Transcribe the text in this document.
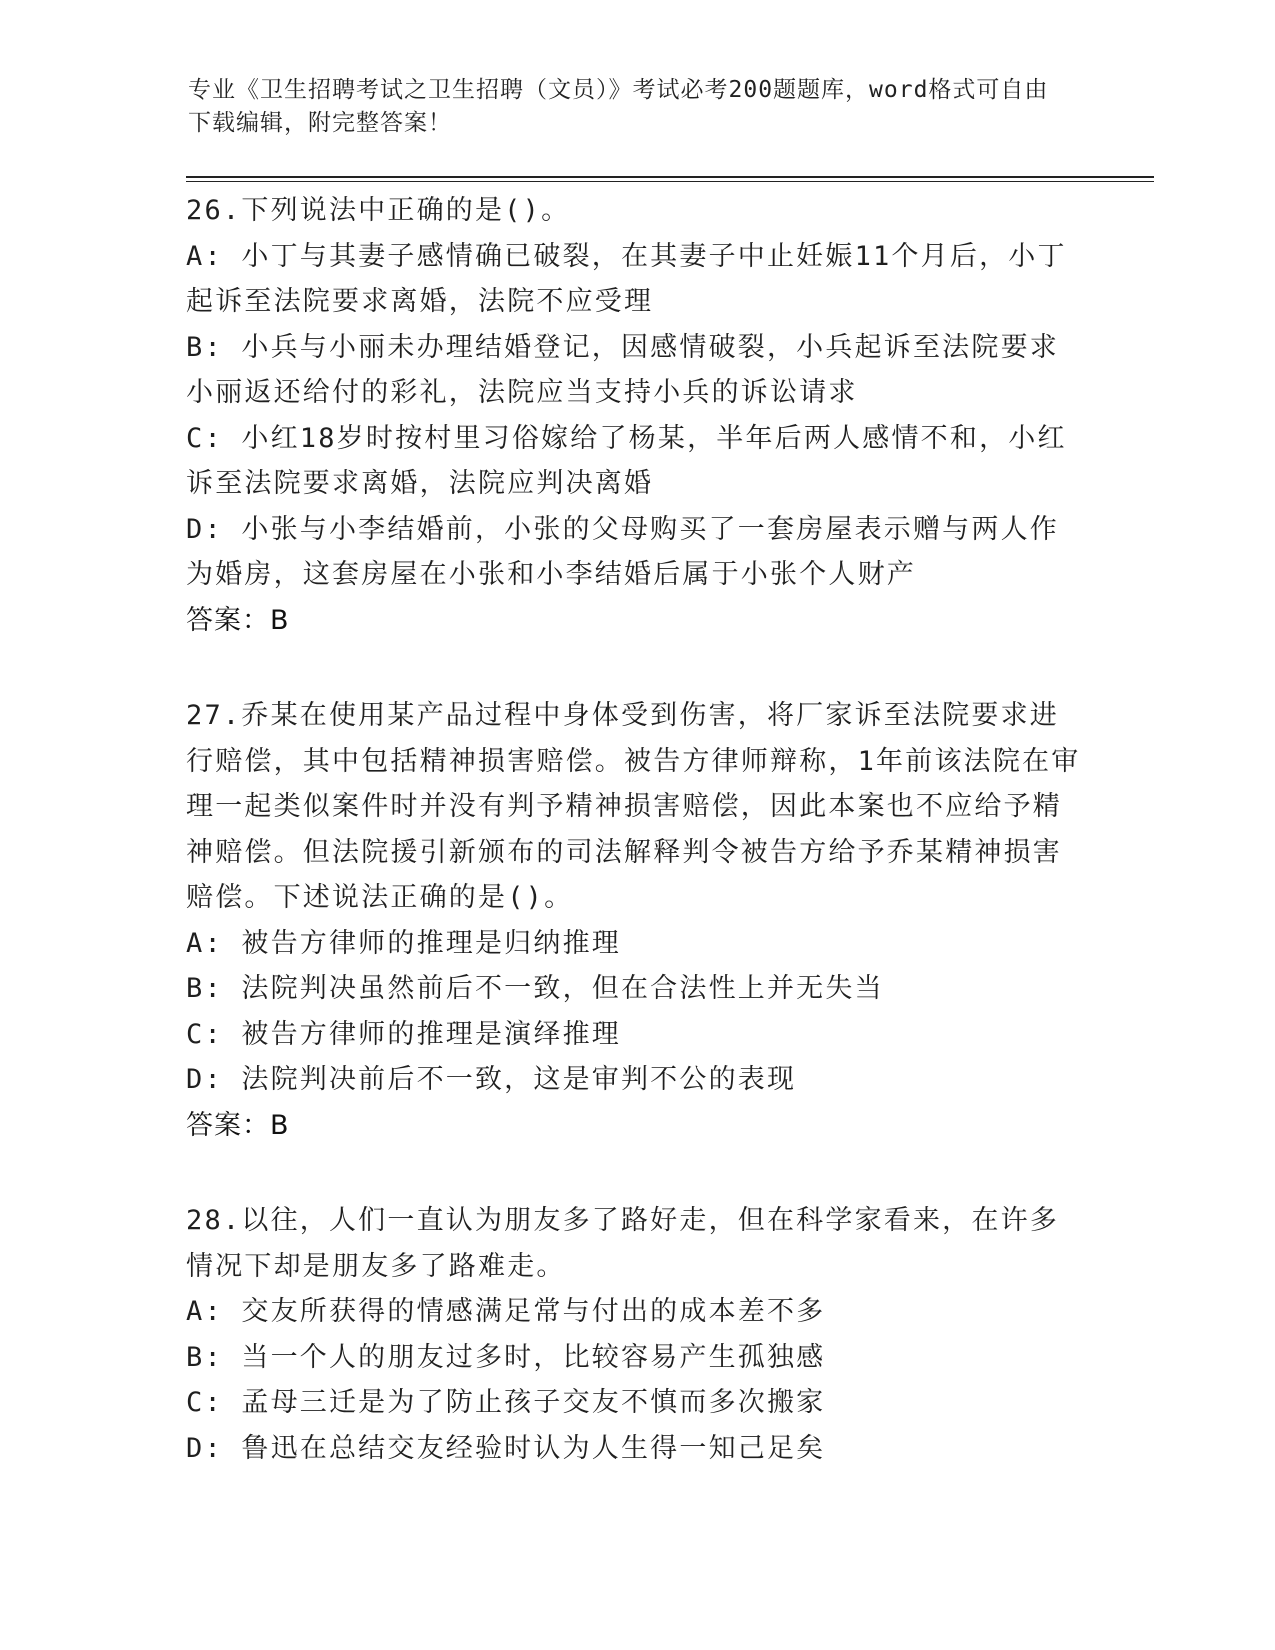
专业《卫生招聘考试之卫生招聘（文员）》考试必考200题题库，word格式可自由下载编辑，附完整答案！

26.下列说法中正确的是()。

A: 小丁与其妻子感情确已破裂，在其妻子中止妊娠11个月后，小丁起诉至法院要求离婚，法院不应受理

B: 小兵与小丽未办理结婚登记，因感情破裂，小兵起诉至法院要求小丽返还给付的彩礼，法院应当支持小兵的诉讼请求

C: 小红18岁时按村里习俗嫁给了杨某，半年后两人感情不和，小红诉至法院要求离婚，法院应判决离婚

D: 小张与小李结婚前，小张的父母购买了一套房屋表示赠与两人作为婚房，这套房屋在小张和小李结婚后属于小张个人财产

答案：B

27.乔某在使用某产品过程中身体受到伤害，将厂家诉至法院要求进行赔偿，其中包括精神损害赔偿。被告方律师辩称，1年前该法院在审理一起类似案件时并没有判予精神损害赔偿，因此本案也不应给予精神赔偿。但法院援引新颁布的司法解释判令被告方给予乔某精神损害赔偿。下述说法正确的是()。

A: 被告方律师的推理是归纳推理

B: 法院判决虽然前后不一致，但在合法性上并无失当

C: 被告方律师的推理是演绎推理

D: 法院判决前后不一致，这是审判不公的表现

答案：B

28.以往，人们一直认为朋友多了路好走，但在科学家看来，在许多情况下却是朋友多了路难走。

A: 交友所获得的情感满足常与付出的成本差不多

B: 当一个人的朋友过多时，比较容易产生孤独感

C: 孟母三迁是为了防止孩子交友不慎而多次搬家

D: 鲁迅在总结交友经验时认为人生得一知己足矣
